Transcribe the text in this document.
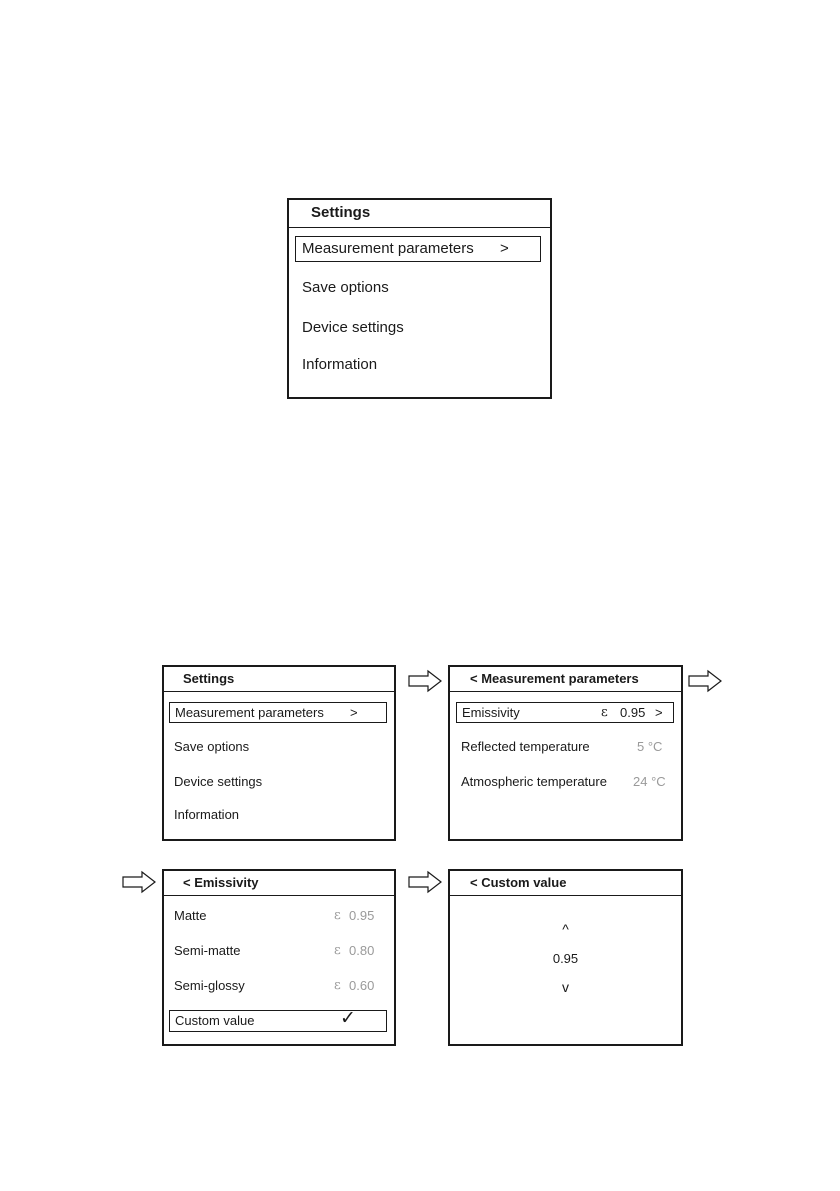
Settings
Measurement parameters >
Save options
Device settings
Information
Settings
Measurement parameters >
Save options
Device settings
Information
< Measurement parameters
Emissivity	ε 0.95 >
Reflected temperature	5 °C
Atmospheric temperature 24 °C
< Emissivity
Matte	ε 0.95
Semi-matte	ε 0.80
Semi-glossy	ε 0.60
Custom value	✓
< Custom value
^
0.95
v
